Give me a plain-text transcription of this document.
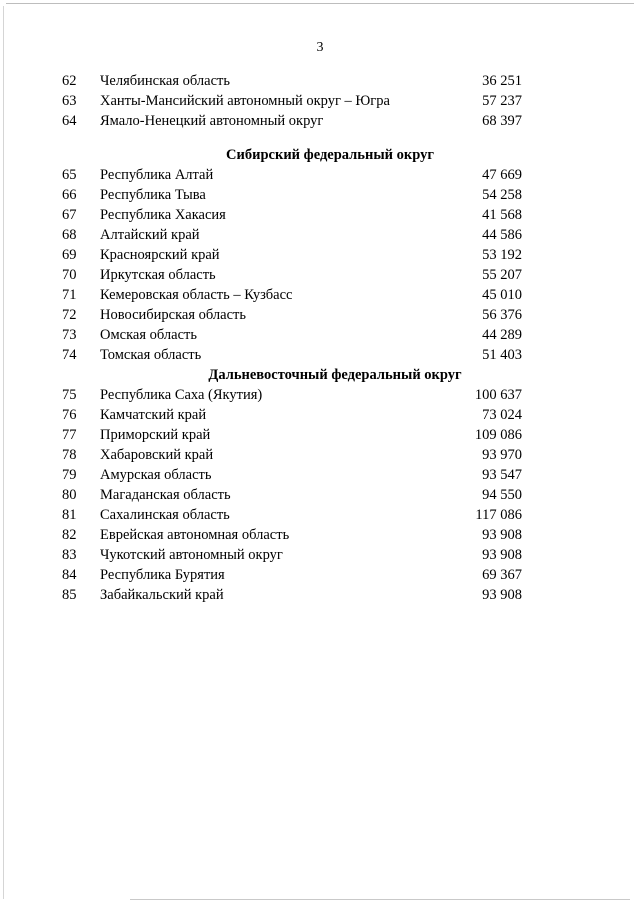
3
62	Челябинская область	36 251
63	Ханты-Мансийский автономный округ – Югра	57 237
64	Ямало-Ненецкий автономный округ	68 397
Сибирский федеральный округ
65	Республика Алтай	47 669
66	Республика Тыва	54 258
67	Республика Хакасия	41 568
68	Алтайский край	44 586
69	Красноярский край	53 192
70	Иркутская область	55 207
71	Кемеровская область – Кузбасс	45 010
72	Новосибирская область	56 376
73	Омская область	44 289
74	Томская область	51 403
Дальневосточный федеральный округ
75	Республика Саха (Якутия)	100 637
76	Камчатский край	73 024
77	Приморский край	109 086
78	Хабаровский край	93 970
79	Амурская область	93 547
80	Магаданская область	94 550
81	Сахалинская область	117 086
82	Еврейская автономная область	93 908
83	Чукотский автономный округ	93 908
84	Республика Бурятия	69 367
85	Забайкальский край	93 908
